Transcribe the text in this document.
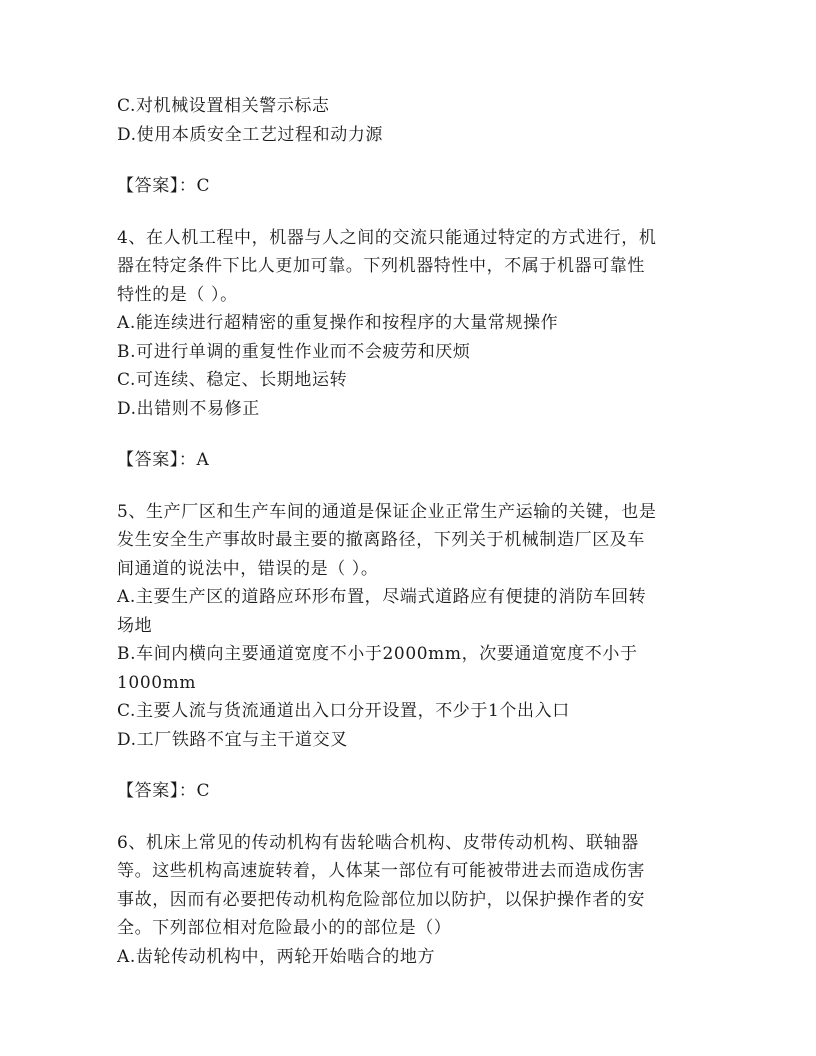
C.对机械设置相关警示标志
D.使用本质安全工艺过程和动力源
【答案】：C
4、在人机工程中，机器与人之间的交流只能通过特定的方式进行，机
器在特定条件下比人更加可靠。下列机器特性中，不属于机器可靠性
特性的是（ ）。
A.能连续进行超精密的重复操作和按程序的大量常规操作
B.可进行单调的重复性作业而不会疲劳和厌烦
C.可连续、稳定、长期地运转
D.出错则不易修正
【答案】：A
5、生产厂区和生产车间的通道是保证企业正常生产运输的关键，也是
发生安全生产事故时最主要的撤离路径，下列关于机械制造厂区及车
间通道的说法中，错误的是（ ）。
A.主要生产区的道路应环形布置，尽端式道路应有便捷的消防车回转
场地
B.车间内横向主要通道宽度不小于2000mm，次要通道宽度不小于
1000mm
C.主要人流与货流通道出入口分开设置，不少于1个出入口
D.工厂铁路不宜与主干道交叉
【答案】：C
6、机床上常见的传动机构有齿轮啮合机构、皮带传动机构、联轴器
等。这些机构高速旋转着，人体某一部位有可能被带进去而造成伤害
事故，因而有必要把传动机构危险部位加以防护，以保护操作者的安
全。下列部位相对危险最小的的部位是（）
A.齿轮传动机构中，两轮开始啮合的地方
